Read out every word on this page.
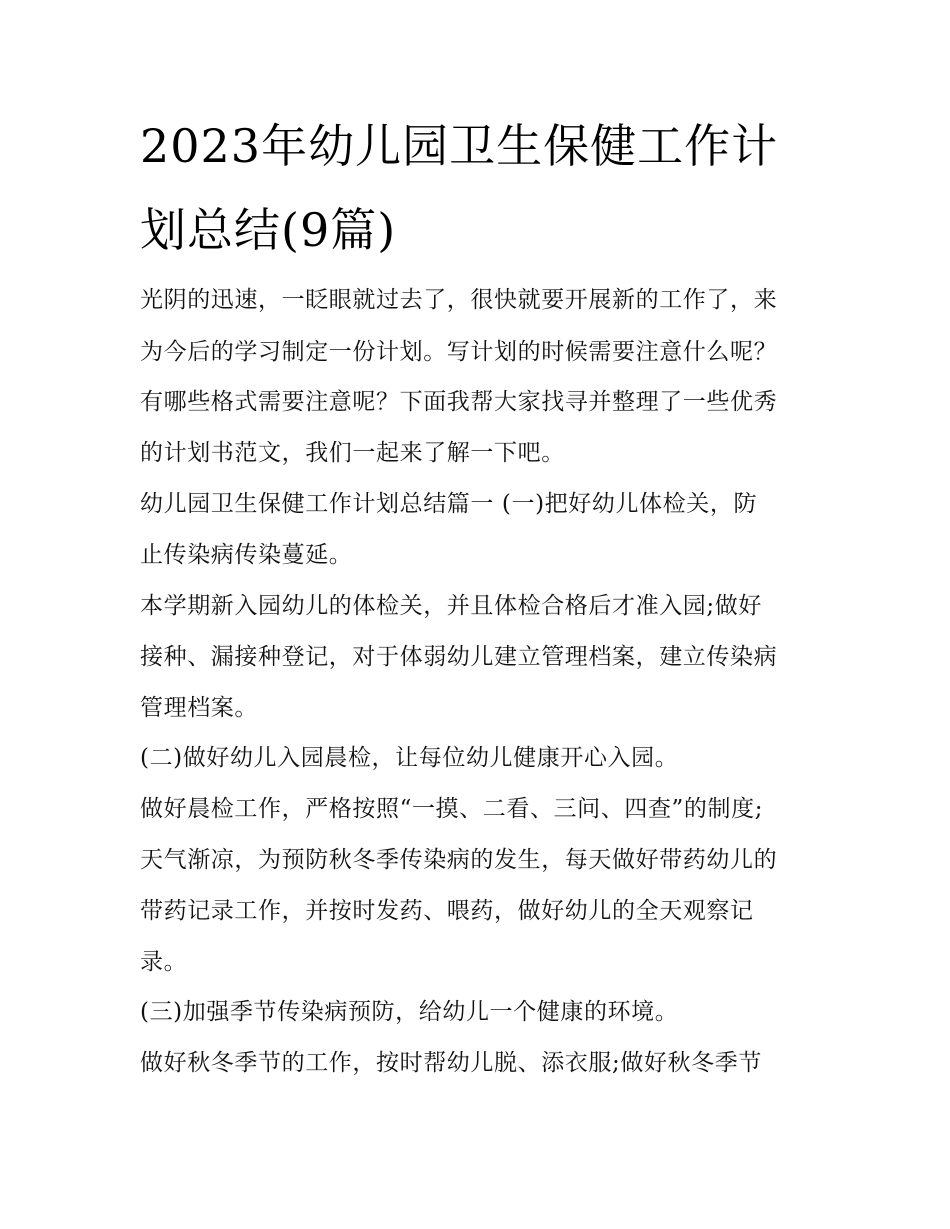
2023年幼儿园卫生保健工作计
划总结(9篇)
光阴的迅速，一眨眼就过去了，很快就要开展新的工作了，来
为今后的学习制定一份计划。写计划的时候需要注意什么呢？
有哪些格式需要注意呢？下面我帮大家找寻并整理了一些优秀
的计划书范文，我们一起来了解一下吧。
幼儿园卫生保健工作计划总结篇一 (一)把好幼儿体检关，防
止传染病传染蔓延。
本学期新入园幼儿的体检关，并且体检合格后才准入园;做好
接种、漏接种登记，对于体弱幼儿建立管理档案，建立传染病
管理档案。
(二)做好幼儿入园晨检，让每位幼儿健康开心入园。
做好晨检工作，严格按照“一摸、二看、三问、四查”的制度;
天气渐凉，为预防秋冬季传染病的发生，每天做好带药幼儿的
带药记录工作，并按时发药、喂药，做好幼儿的全天观察记
录。
(三)加强季节传染病预防，给幼儿一个健康的环境。
做好秋冬季节的工作，按时帮幼儿脱、添衣服;做好秋冬季节
